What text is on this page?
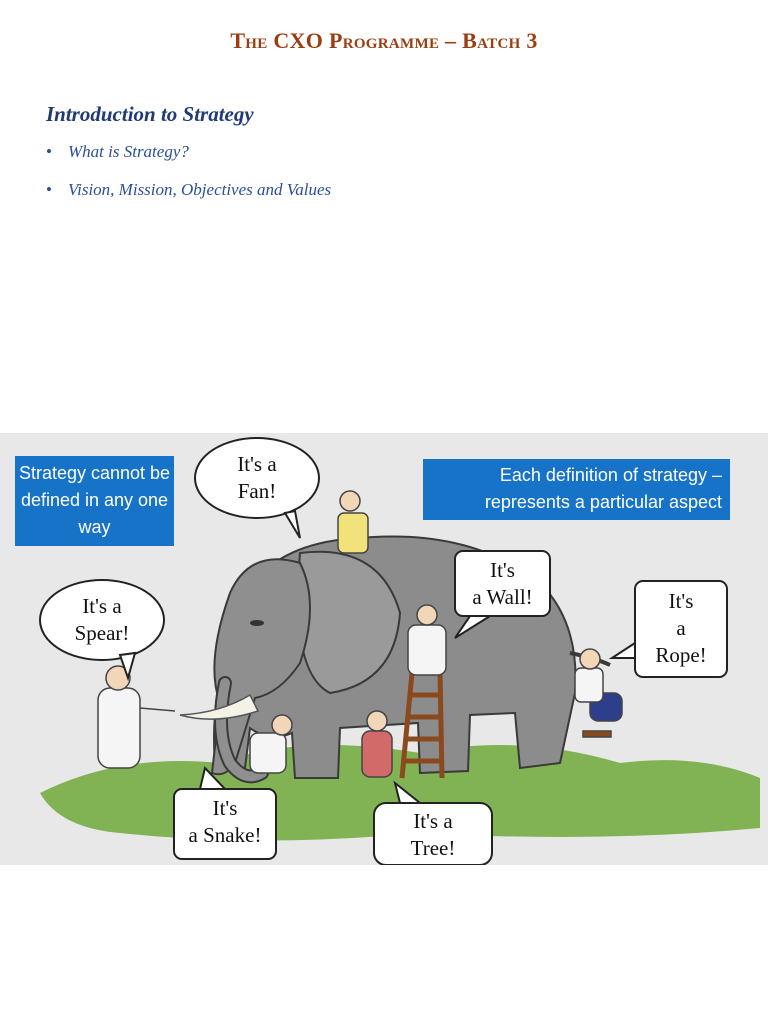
The CXO Programme – Batch 3
Introduction to Strategy
• What is Strategy?
• Vision, Mission, Objectives and Values
Strategy cannot be defined in any one way
Each definition of strategy – represents a particular aspect
It's a
Fan!
It's a
Spear!
It's
a Wall!	It's
a
Rope!
It's
a Snake!
It's a
Tree!
